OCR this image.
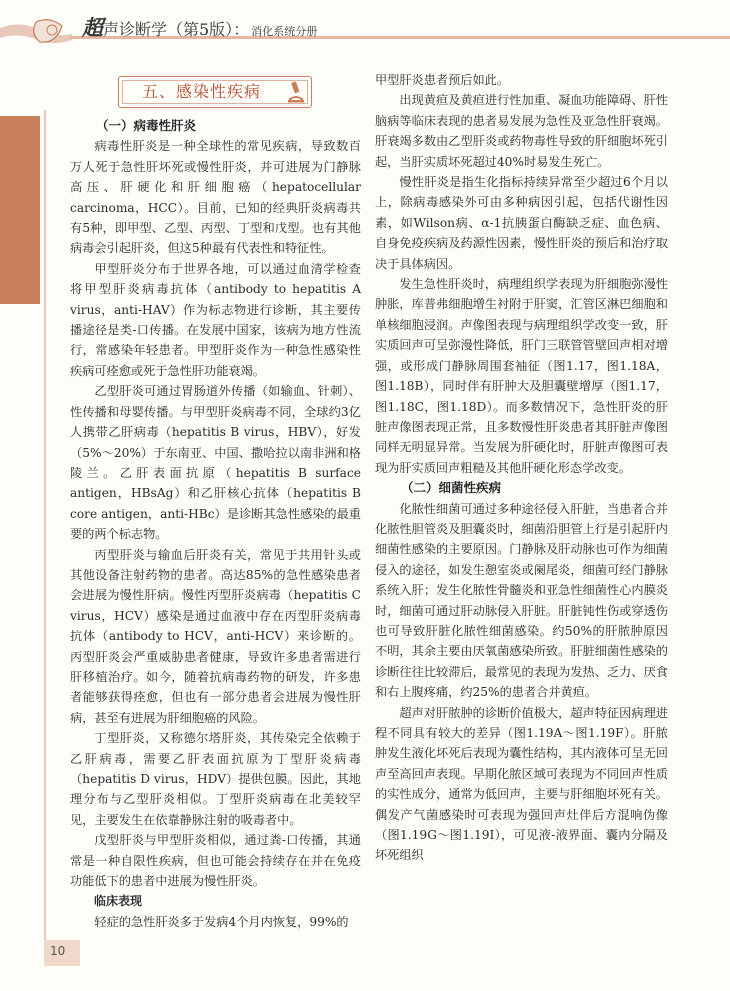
超声诊断学（第5版）： 消化系统分册
10
五、感染性疾病

（一）病毒性肝炎

病毒性肝炎是一种全球性的常见疾病，导致数百万人死于急性肝坏死或慢性肝炎，并可进展为门静脉高压、肝硬化和肝细胞癌（hepatocellular carcinoma，HCC）。目前，已知的经典肝炎病毒共有5种，即甲型、乙型、丙型、丁型和戊型。也有其他病毒会引起肝炎，但这5种最有代表性和特征性。

甲型肝炎分布于世界各地，可以通过血清学检查将甲型肝炎病毒抗体（antibody to hepatitis A virus，anti-HAV）作为标志物进行诊断，其主要传播途径是类-口传播。在发展中国家，该病为地方性流行，常感染年轻患者。甲型肝炎作为一种急性感染性疾病可痊愈或死于急性肝功能衰竭。

乙型肝炎可通过胃肠道外传播（如输血、针刺）、性传播和母婴传播。与甲型肝炎病毒不同，全球约3亿人携带乙肝病毒（hepatitis B virus，HBV），好发（5%～20%）于东南亚、中国、撒哈拉以南非洲和格陵兰。乙肝表面抗原（hepatitis B surface antigen，HBsAg）和乙肝核心抗体（hepatitis B core antigen，anti-HBc）是诊断其急性感染的最重要的两个标志物。

丙型肝炎与输血后肝炎有关，常见于共用针头或其他设备注射药物的患者。高达85%的急性感染患者会进展为慢性肝病。慢性丙型肝炎病毒（hepatitis C virus，HCV）感染是通过血液中存在丙型肝炎病毒抗体（antibody to HCV，anti-HCV）来诊断的。丙型肝炎会严重威胁患者健康，导致许多患者需进行肝移植治疗。如今，随着抗病毒药物的研发，许多患者能够获得痊愈，但也有一部分患者会进展为慢性肝病，甚至有进展为肝细胞癌的风险。

丁型肝炎，又称德尔塔肝炎，其传染完全依赖于乙肝病毒，需要乙肝表面抗原为丁型肝炎病毒（hepatitis D virus，HDV）提供包膜。因此，其地理分布与乙型肝炎相似。丁型肝炎病毒在北美较罕见，主要发生在依靠静脉注射的吸毒者中。

戊型肝炎与甲型肝炎相似，通过粪-口传播，其通常是一种自限性疾病，但也可能会持续存在并在免疫功能低下的患者中进展为慢性肝炎。

临床表现

轻症的急性肝炎多于发病4个月内恢复，99%的

甲型肝炎患者预后如此。

出现黄疸及黄疸进行性加重、凝血功能障碍、肝性脑病等临床表现的患者易发展为急性及亚急性肝衰竭。肝衰竭多数由乙型肝炎或药物毒性导致的肝细胞坏死引起，当肝实质坏死超过40%时易发生死亡。

慢性肝炎是指生化指标持续异常至少超过6个月以上，除病毒感染外可由多种病因引起，包括代谢性因素，如Wilson病、α-1抗胰蛋白酶缺乏症、血色病、自身免疫疾病及药源性因素，慢性肝炎的预后和治疗取决于具体病因。

发生急性肝炎时，病理组织学表现为肝细胞弥漫性肿胀，库普弗细胞增生衬附于肝窦，汇管区淋巴细胞和单核细胞浸润。声像图表现与病理组织学改变一致，肝实质回声可呈弥漫性降低，肝门三联管管壁回声相对增强，或形成门静脉周围套袖征（图1.17，图1.18A，图1.18B），同时伴有肝肿大及胆囊壁增厚（图1.17，图1.18C，图1.18D）。而多数情况下，急性肝炎的肝脏声像图表现正常，且多数慢性肝炎患者其肝脏声像图同样无明显异常。当发展为肝硬化时，肝脏声像图可表现为肝实质回声粗糙及其他肝硬化形态学改变。

（二）细菌性疾病

化脓性细菌可通过多种途径侵入肝脏，当患者合并化脓性胆管炎及胆囊炎时，细菌沿胆管上行是引起肝内细菌性感染的主要原因。门静脉及肝动脉也可作为细菌侵入的途径，如发生憩室炎或阑尾炎，细菌可经门静脉系统入肝；发生化脓性骨髓炎和亚急性细菌性心内膜炎时，细菌可通过肝动脉侵入肝脏。肝脏钝性伤或穿透伤也可导致肝脏化脓性细菌感染。约50%的肝脓肿原因不明，其余主要由厌氧菌感染所致。肝脏细菌性感染的诊断往往比较滞后，最常见的表现为发热、乏力、厌食和右上腹疼痛，约25%的患者合并黄疸。

超声对肝脓肿的诊断价值极大，超声特征因病理进程不同具有较大的差异（图1.19A～图1.19F）。肝脓肿发生液化坏死后表现为囊性结构，其内液体可呈无回声至高回声表现。早期化脓区域可表现为不同回声性质的实性成分，通常为低回声，主要与肝细胞坏死有关。偶发产气菌感染时可表现为强回声灶伴后方混响伪像（图1.19G～图1.19I），可见液-液界面、囊内分隔及坏死组织
